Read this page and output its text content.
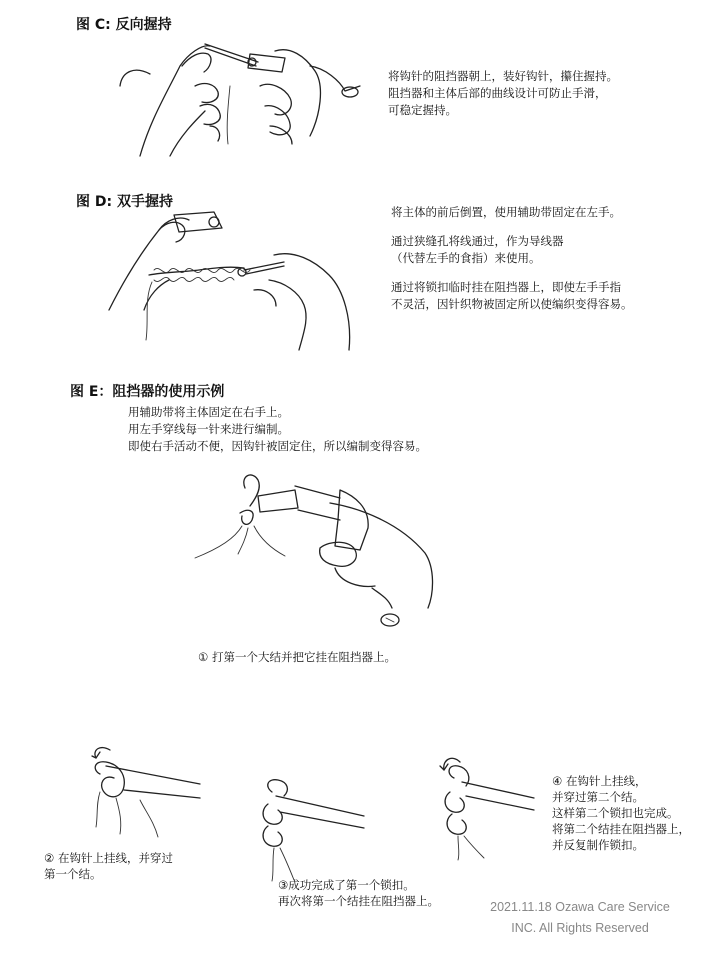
图 C: 反向握持
将钩针的阻挡器朝上，装好钩针，攥住握持。
阻挡器和主体后部的曲线设计可防止手滑，
可稳定握持。
图 D: 双手握持
将主体的前后倒置，使用辅助带固定在左手。
通过狭缝孔将线通过，作为导线器
（代替左手的食指）来使用。
通过将锁扣临时挂在阻挡器上，即使左手手指
不灵活，因针织物被固定所以使编织变得容易。
图 E：阻挡器的使用示例
用辅助带将主体固定在右手上。
用左手穿线每一针来进行编制。
即使右手活动不便，因钩针被固定住，所以编制变得容易。
① 打第一个大结并把它挂在阻挡器上。
② 在钩针上挂线，并穿过
第一个结。
③成功完成了第一个锁扣。
再次将第一个结挂在阻挡器上。
④ 在钩针上挂线，
并穿过第二个结。
这样第二个锁扣也完成。
将第二个结挂在阻挡器上，
并反复制作锁扣。
2021.11.18 Ozawa Care Service
INC. All Rights Reserved
